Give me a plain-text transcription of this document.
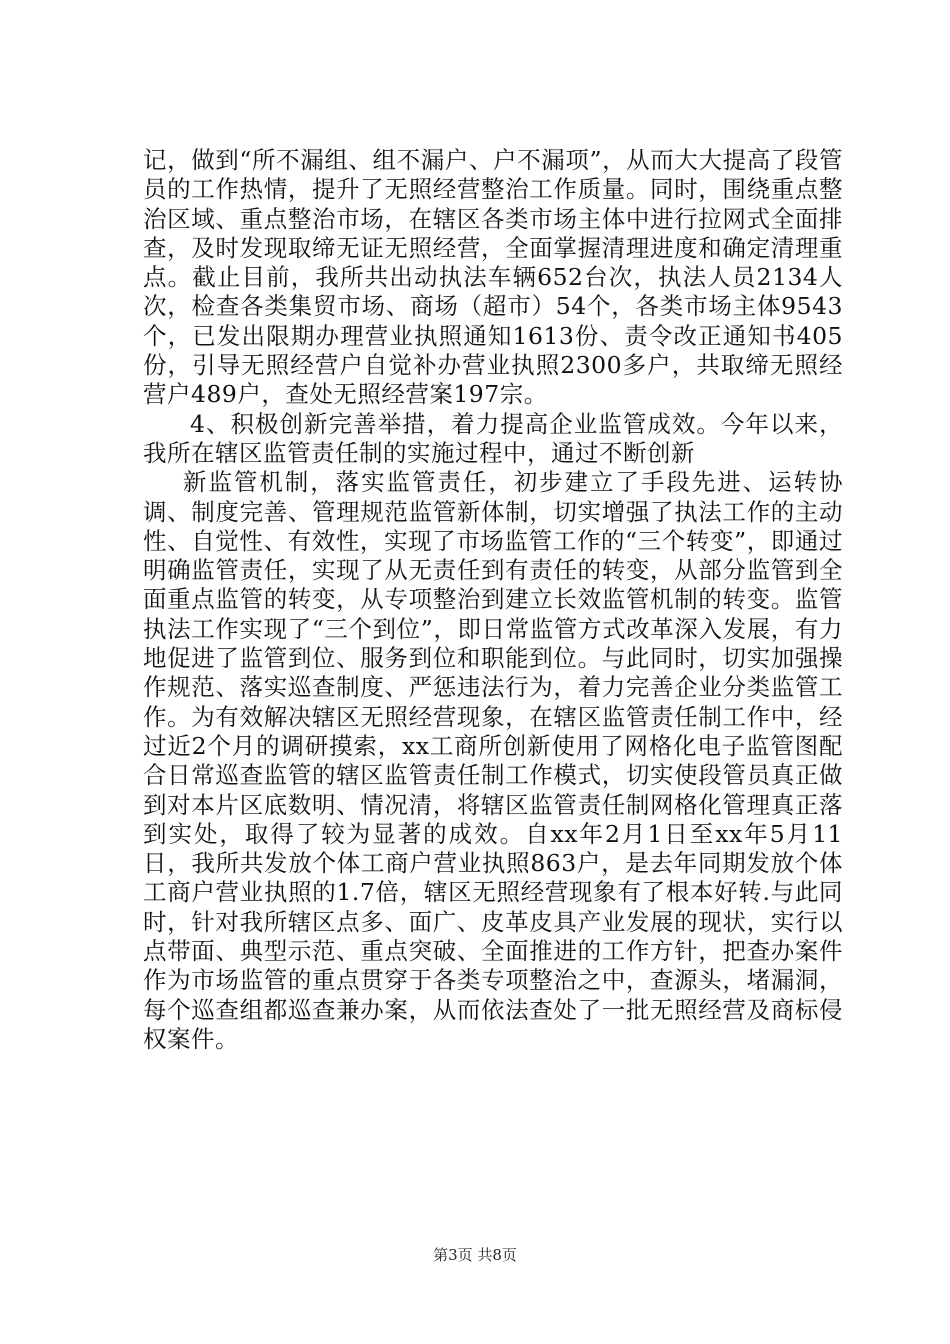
记，做到“所不漏组、组不漏户、户不漏项”，从而大大提高了段管员的工作热情，提升了无照经营整治工作质量。同时，围绕重点整治区域、重点整治市场，在辖区各类市场主体中进行拉网式全面排查，及时发现取缔无证无照经营，全面掌握清理进度和确定清理重点。截止目前，我所共出动执法车辆652台次，执法人员2134人次，检查各类集贸市场、商场（超市）54个，各类市场主体9543个，已发出限期办理营业执照通知1613份、责令改正通知书405份，引导无照经营户自觉补办营业执照2300多户，共取缔无照经营户489户，查处无照经营案197宗。

4、积极创新完善举措，着力提高企业监管成效。今年以来，我所在辖区监管责任制的实施过程中，通过不断创新

新监管机制，落实监管责任，初步建立了手段先进、运转协调、制度完善、管理规范监管新体制，切实增强了执法工作的主动性、自觉性、有效性，实现了市场监管工作的“三个转变”，即通过明确监管责任，实现了从无责任到有责任的转变，从部分监管到全面重点监管的转变，从专项整治到建立长效监管机制的转变。监管执法工作实现了“三个到位”，即日常监管方式改革深入发展，有力地促进了监管到位、服务到位和职能到位。与此同时，切实加强操作规范、落实巡查制度、严惩违法行为，着力完善企业分类监管工作。为有效解决辖区无照经营现象，在辖区监管责任制工作中，经过近2个月的调研摸索，xx工商所创新使用了网格化电子监管图配合日常巡查监管的辖区监管责任制工作模式，切实使段管员真正做到对本片区底数明、情况清，将辖区监管责任制网格化管理真正落到实处，取得了较为显著的成效。自xx年2月1日至xx年5月11日，我所共发放个体工商户营业执照863户，是去年同期发放个体工商户营业执照的1.7倍，辖区无照经营现象有了根本好转.与此同时，针对我所辖区点多、面广、皮革皮具产业发展的现状，实行以点带面、典型示范、重点突破、全面推进的工作方针，把查办案件作为市场监管的重点贯穿于各类专项整治之中，查源头，堵漏洞，每个巡查组都巡查兼办案，从而依法查处了一批无照经营及商标侵权案件。

第3页 共8页
